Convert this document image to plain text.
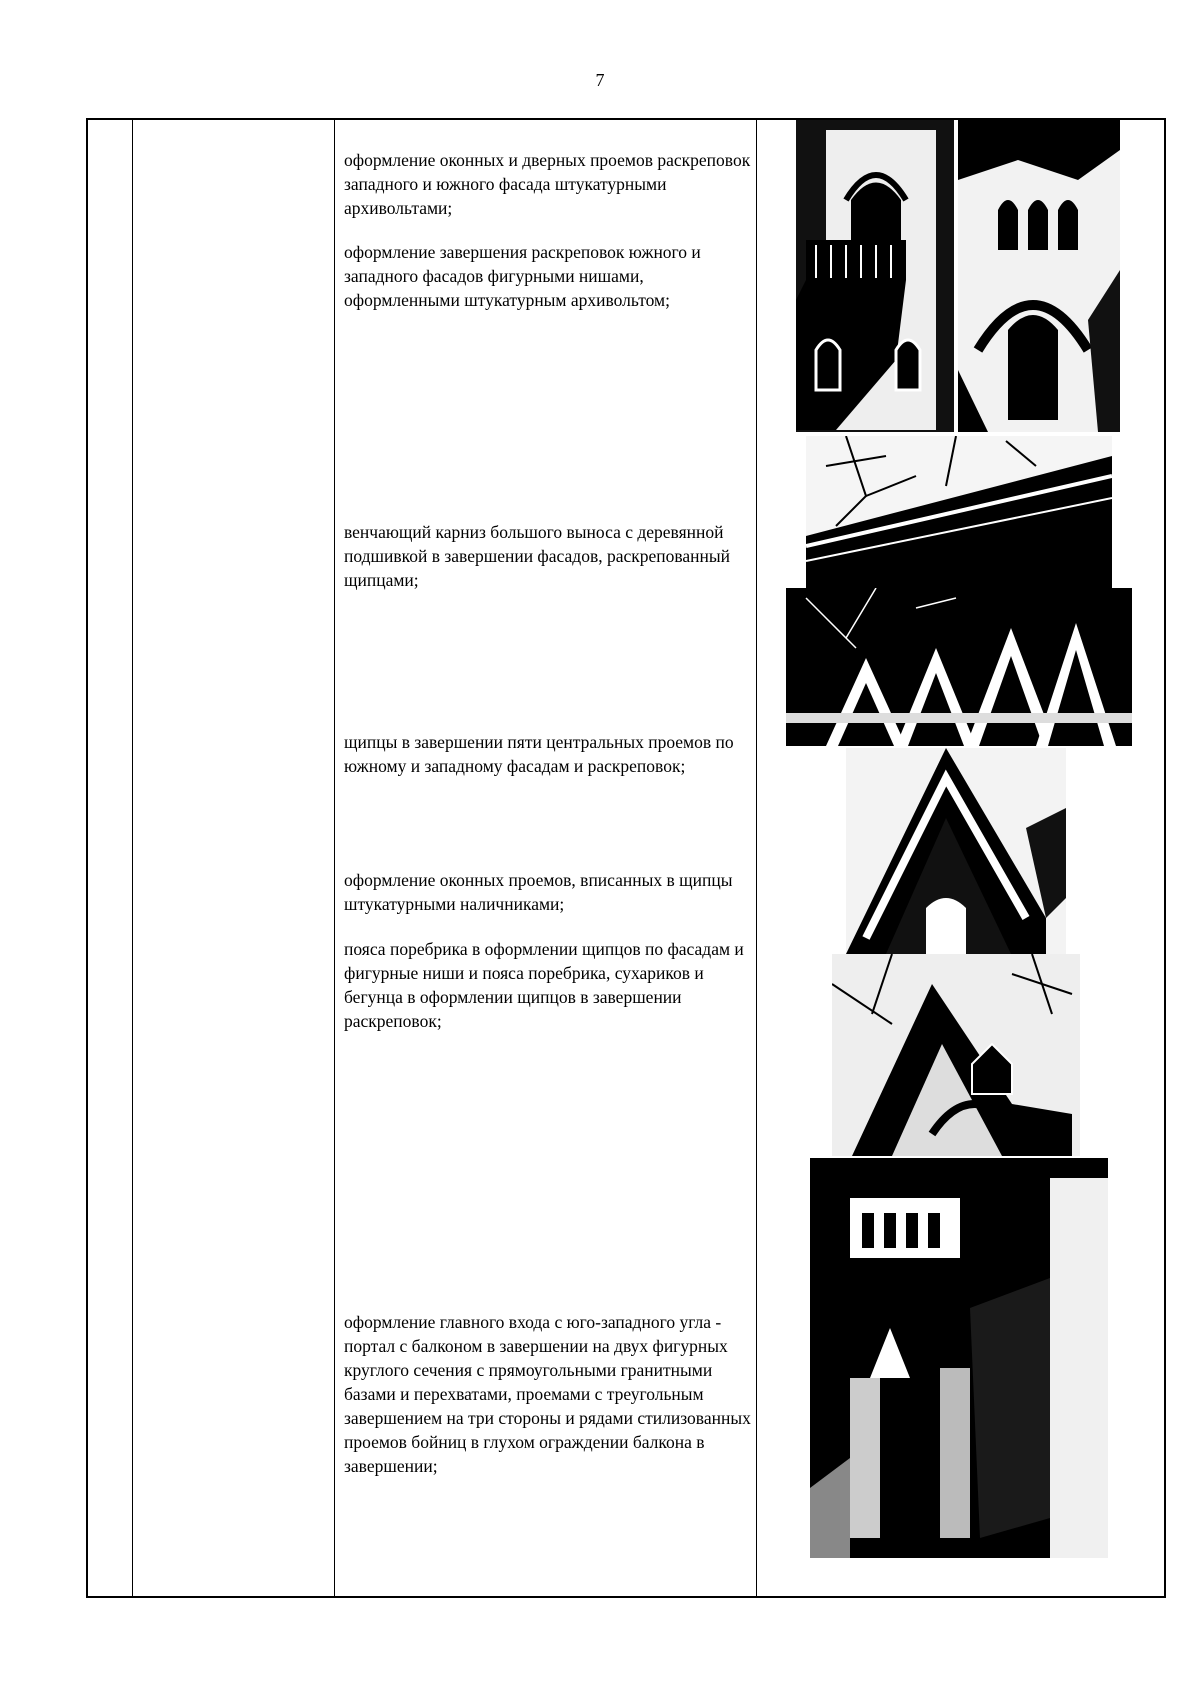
7

оформление оконных и дверных проемов раскреповок западного и южного фасада штукатурными архивольтами;

оформление завершения раскреповок южного и западного фасадов фигурными нишами, оформленными штукатурным архивольтом;

венчающий карниз большого выноса с деревянной подшивкой в завершении фасадов, раскрепованный щипцами;

щипцы в завершении пяти центральных проемов по южному и западному фасадам и раскреповок;

оформление оконных проемов, вписанных в щипцы штукатурными наличниками;

пояса поребрика в оформлении щипцов по фасадам и фигурные ниши и пояса поребрика, сухариков и бегунца в оформлении щипцов в завершении раскреповок;

оформление главного входа с юго-западного угла - портал с балконом в завершении на двух фигурных круглого сечения с прямоугольными гранитными базами и перехватами, проемами с треугольным завершением на три стороны и рядами стилизованных проемов бойниц в глухом ограждении балкона в завершении;
